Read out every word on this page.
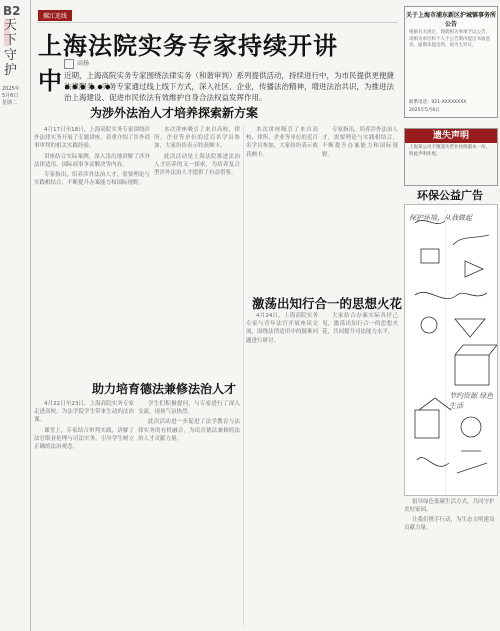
B2
天下守护
2025年
5月6日
星期二
嫘江连线
上海法院实务专家持续开讲中……
高扬
近期，上海高院实务专家围绕法律实务（和谐审判）系列提供活动，持续进行中，为市民提供更便捷法律服务。实务专家通过线上线下方式，深入社区、企业，传播法治精神，增进法治共识，为推进法治上海建设、促进市民依法有效维护自身合法权益发挥作用。
为涉外法治人才培养探索新方案

4月17日至18日，上海高院实务专家围绕涉外法律实务开展了专题讲座，着重介绍了涉外商事审判的相关实践经验。

讲座结合实际案例，深入浅出地讲解了涉外法律适用、国际商事争议解决等内容。

专家指出，培养涉外法治人才，需要理论与实践相结合，不断提升办案能力和国际视野。

本次讲座吸引了来自高校、律所、企业等单位的近百名学员参加，大家纷纷表示收获颇丰。

此次活动是上海法院推进法治人才培养的又一探索，为培养复合型涉外法治人才提供了有益借鉴。

本次讲座吸引了来自高校、律所、企业等单位的近百名学员参加，大家纷纷表示收获颇丰。

专家指出，培养涉外法治人才，需要理论与实践相结合，不断提升办案能力和国际视野。

激荡出知行合一的思想火花

4月24日，上海高院实务专家与青年法官开展座谈交流，围绕法律适用中的疑难问题进行研讨。

大家结合办案实际各抒己见，激荡出知行合一的思想火花，共同提升司法能力水平。

助力培育德法兼修法治人才

4月22日至23日，上海高院实务专家走进高校，为法学院学生带来生动的法治课。

课堂上，专家结合审判实践，讲解了法官职业伦理与司法实务，引导学生树立正确的法治观念。

学生们积极提问，与专家进行了深入交流，现场气氛热烈。

此次活动进一步促进了法学教育与法律实务的有机融合，为培育德法兼修的法治人才贡献力量。

关于上海市浦东新区沪城镇事务所公告
根据有关规定，现就相关事项予以公告，请相关单位和个人于公告期内提出书面意见。逾期未提出的，视为无异议。
联系电话：021-XXXXXXXX
2025年5月6日
遗失声明
上海某公司不慎遗失营业执照副本一份，特此声明作废。
环保公益广告
保护环境，从我做起
节约资源 绿色生活

倡导绿色低碳生活方式，共同守护美好家园。

让我们携手行动，为生态文明建设贡献力量。
